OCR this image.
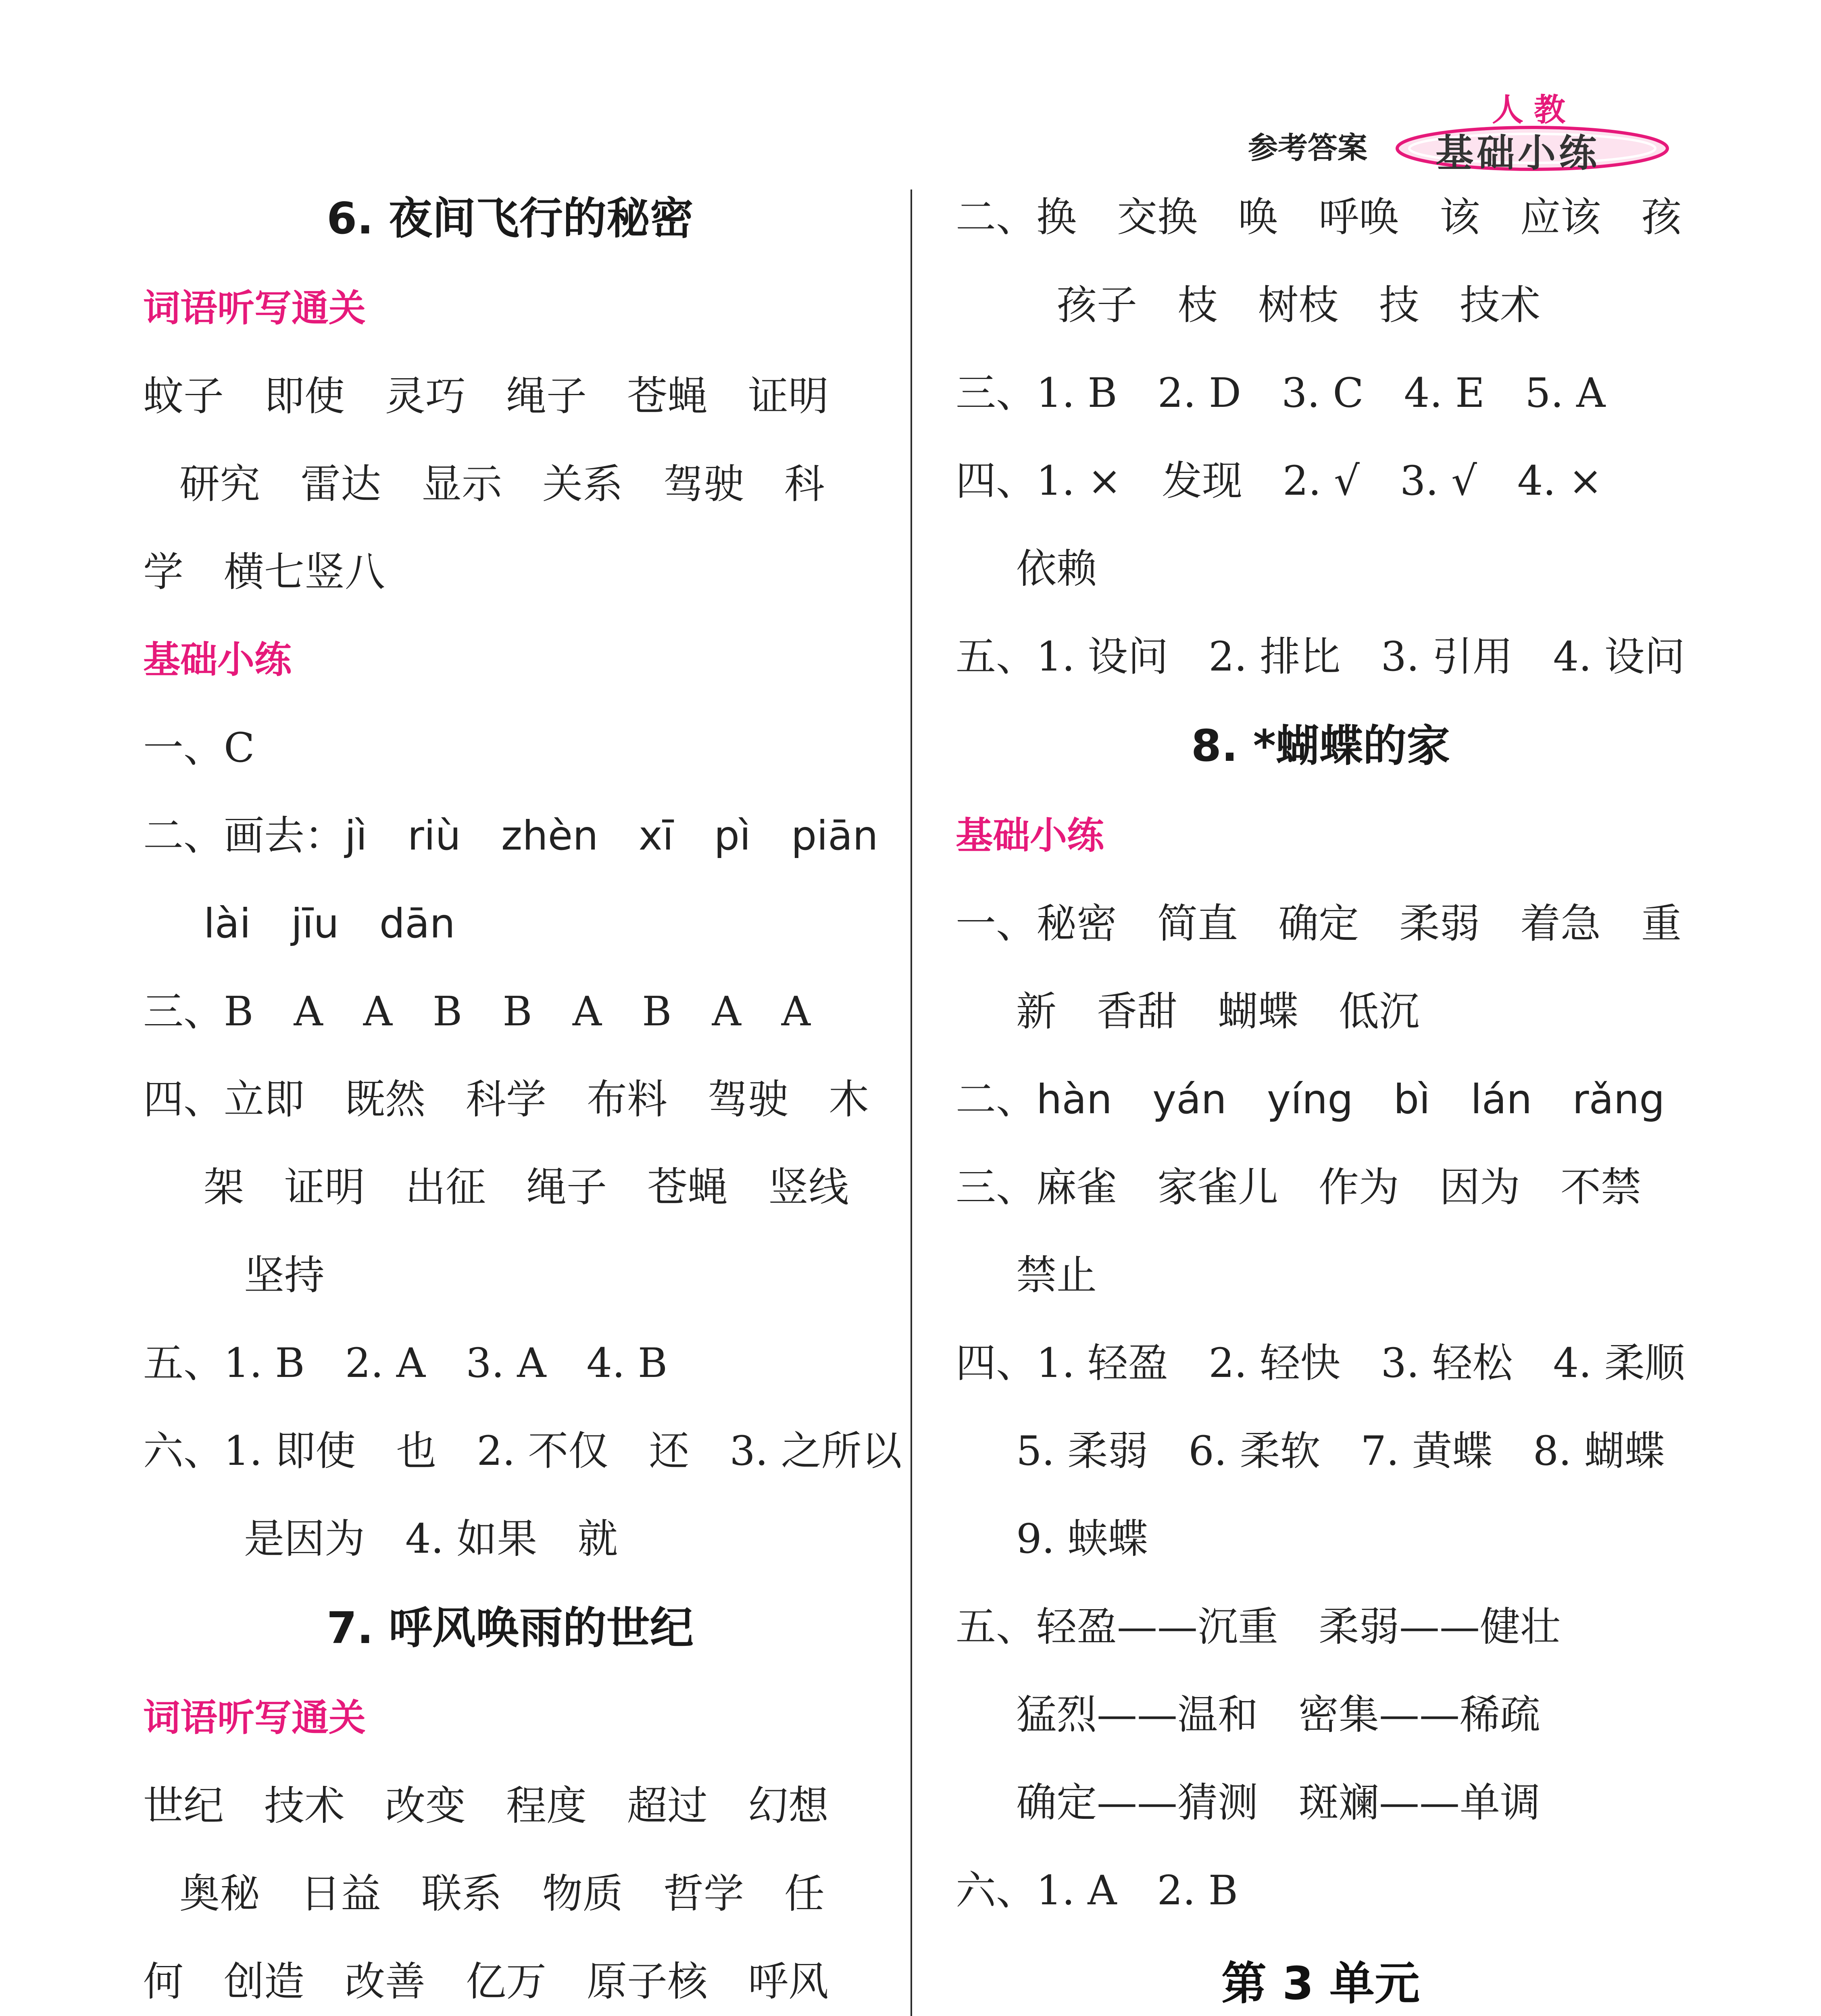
参考答案
人教
基础小练
6. 夜间飞行的秘密
词语听写通关
蚊子　即使　灵巧　绳子　苍蝇　证明
研究　雷达　显示　关系　驾驶　科
学　横七竖八
基础小练
一、C
二、画去：jì　riù　zhèn　xī　pì　piān
lài　jīu　dān
三、B　A　A　B　B　A　B　A　A
四、立即　既然　科学　布料　驾驶　木
架　证明　出征　绳子　苍蝇　竖线
坚持
五、1. B　2. A　3. A　4. B
六、1. 即使　也　2. 不仅　还　3. 之所以
是因为　4. 如果　就
7. 呼风唤雨的世纪
词语听写通关
世纪　技术　改变　程度　超过　幻想
奥秘　日益　联系　物质　哲学　任
何　创造　改善　亿万　原子核　呼风
二、换　交换　唤　呼唤　该　应该　孩
孩子　枝　树枝　技　技术
三、1. B　2. D　3. C　4. E　5. A
四、1. ×　发现　2. √　3. √　4. ×
依赖
五、1. 设问　2. 排比　3. 引用　4. 设问
8. *蝴蝶的家
基础小练
一、秘密　简直　确定　柔弱　着急　重
新　香甜　蝴蝶　低沉
二、hàn　yán　yíng　bì　lán　rǎng
三、麻雀　家雀儿　作为　因为　不禁
禁止
四、1. 轻盈　2. 轻快　3. 轻松　4. 柔顺
5. 柔弱　6. 柔软　7. 黄蝶　8. 蝴蝶
9. 蛱蝶
五、轻盈——沉重　柔弱——健壮
猛烈——温和　密集——稀疏
确定——猜测　斑斓——单调
六、1. A　2. B
第 3 单元
